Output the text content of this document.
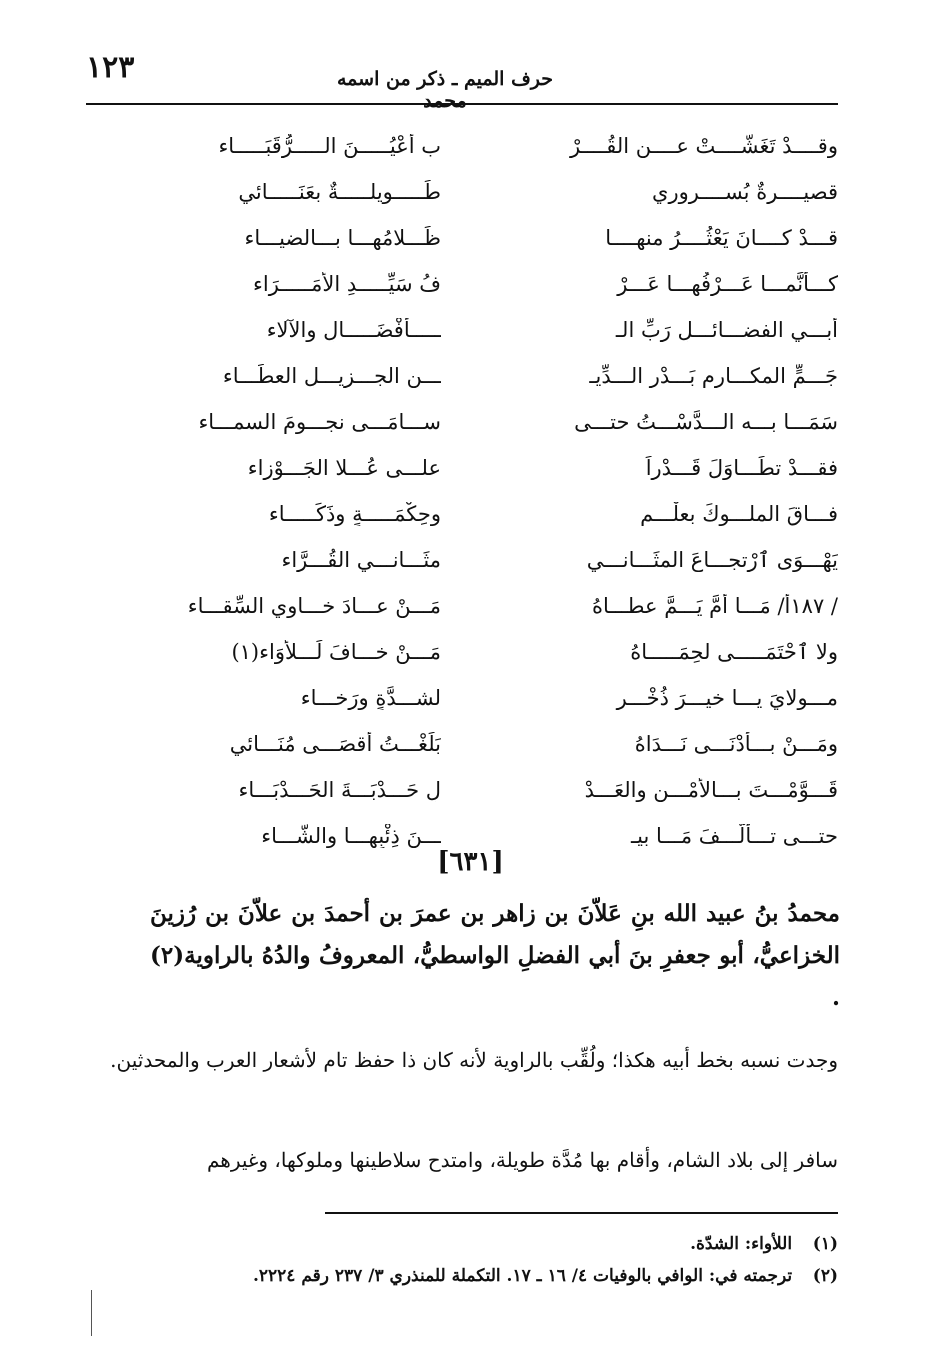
١٢٣	حرف الميم ـ ذكر من اسمه محمد
وقــــدْ تَغَشَّــــتْ عــــن القُــــرْ
ب أعْيُـــــنَ الـــــرُّقَبَـــــاء
قصيــــرةٌ بُســــروري
طَـــــويلـــــةٌ بعَنَـــــائي
قـــدْ كــــانَ يَعْثُــــرُ منهــــا
ظَـــلامُهـــا بـــالضيـــاء
كـــأنَّمـــا عَـــرْفُهـــا عَـــرْ
فُ سَيِّـــــدِ الأمَـــــرَاء
أبـــي الفضـــائـــلِ رَبِّ الـ
ـــــأفْضَـــــالِ والآلاء
جَـــمٍّ المكـــارمِ بَـــدْرِ الـــدِّيـ
ـــنِ الجـــزيـــلِ العطَـــاء
سَمَـــا بـــه الـــدَّسْـــتُ حتـــى
ســـامَـــى نجـــومَ السمـــاء
فقـــدْ تطَـــاوَلَ قَـــدْراً
علـــى عُـــلا الجَـــوْزاء
فـــاقَ الملـــوكَ بعلْـــمٍ
وحِكْمَـــــةٍ وذَكَـــــاء
يَهْـــوَى ٱرْتجـــاعَ المثَـــانـــي
مثَـــانـــي القُـــرَّاء
/ ١٨٧أ/ مَـــا أمَّ يَـــمَّ عطـــاهُ
مَـــنْ عـــادَ خـــاوي السِّقـــاء
ولا ٱحْتَمَـــــى لحِمَـــــاهُ
مَـــنْ خـــافَ لَـــلأوَاء(١)
مـــولايَ يـــا خيـــرَ ذُخْـــرٍ
لشـــدَّةٍ ورَخـــاء
ومَـــنْ بـــأدْنَـــى نَـــدَاهُ
بَلَغْـــتُ أقصَـــى مُنَـــائي
قَـــوَّمْـــتَ بـــالأمْـــنِ والعَـــدْ
لِ حَـــدْبَـــةَ الحَـــدْبَـــاء
حتـــى تـــألَّـــفَ مَـــا بيـ
ـــنَ ذِئْبِهـــا والشَّـــاء
[٦٣١]
محمدُ بنُ عبيد الله بنِ عَلاّنَ بن زاهر بن عمرَ بن أحمدَ بن علاّنَ بن رُزينَ الخزاعيُّ، أبو جعفرِ بنَ أبي الفضلِ الواسطيُّ، المعروفُ والدُهُ بالراوية(٢) .
وجدت نسبه بخط أبيه هكذا؛ ولُقِّب بالراوية لأنه كان ذا حفظ تام لأشعار العرب والمحدثين.
سافر إلى بلاد الشام، وأقام بها مُدَّة طويلة، وامتدح سلاطينها وملوكها، وغيرهم
(١) اللأواء: الشدّة.
(٢) ترجمته في: الوافي بالوفيات ٤/ ١٦ ـ ١٧. التكملة للمنذري ٣/ ٢٣٧ رقم ٢٢٢٤.
